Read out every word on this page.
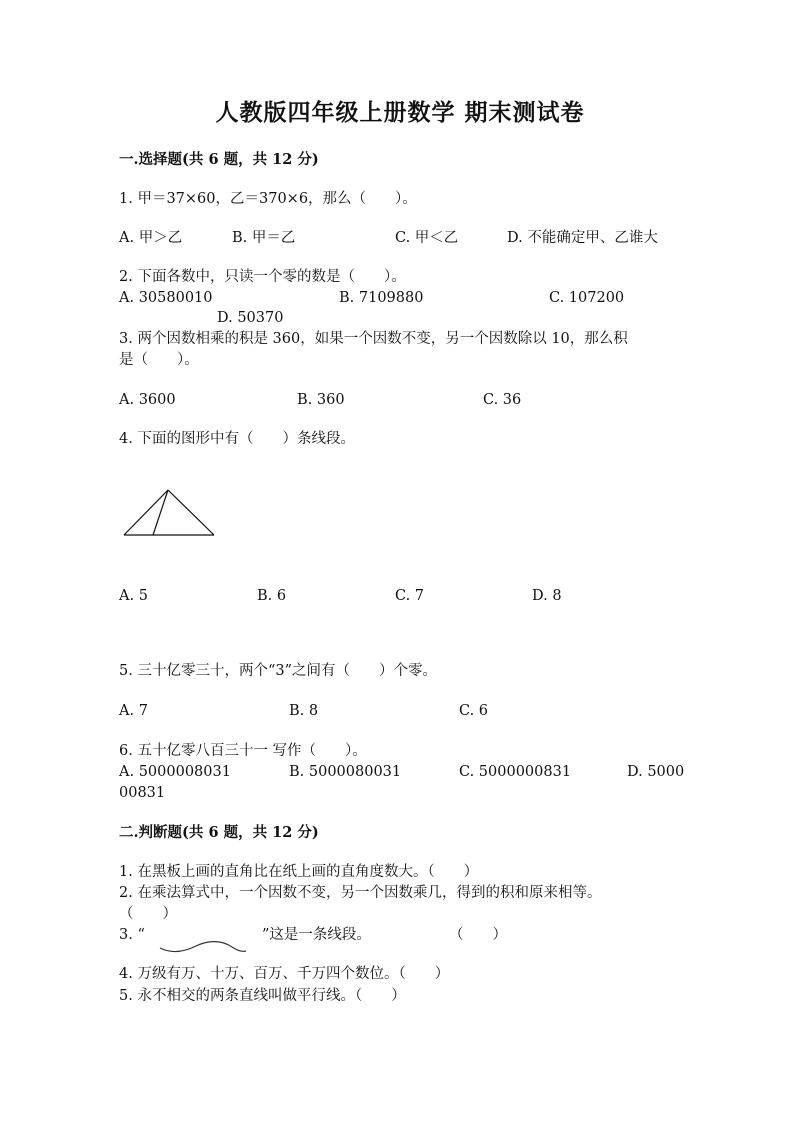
人教版四年级上册数学 期末测试卷
一.选择题(共 6 题，共 12 分)
1. 甲＝37×60，乙＝370×6，那么（　　）。
A. 甲＞乙	B. 甲＝乙	C. 甲＜乙	D. 不能确定甲、乙谁大
2. 下面各数中，只读一个零的数是（　　）。
A. 30580010	B. 7109880	C. 107200
D. 50370
3. 两个因数相乘的积是 360，如果一个因数不变，另一个因数除以 10，那么积
是（　　）。
A. 3600	B. 360	C. 36
4. 下面的图形中有（　　）条线段。
A. 5	B. 6	C. 7	D. 8
5. 三十亿零三十，两个“3”之间有（　　）个零。
A. 7	B. 8	C. 6
6. 五十亿零八百三十一 写作（　　）。
A. 5000008031	B. 5000080031	C. 5000000831	D. 5000
00831
二.判断题(共 6 题，共 12 分)
1. 在黑板上画的直角比在纸上画的直角度数大。（　　）
2. 在乘法算式中，一个因数不变，另一个因数乘几，得到的积和原来相等。
（　　）
3. “	”这是一条线段。	（　　）
4. 万级有万、十万、百万、千万四个数位。（　　）
5. 永不相交的两条直线叫做平行线。（　　）
